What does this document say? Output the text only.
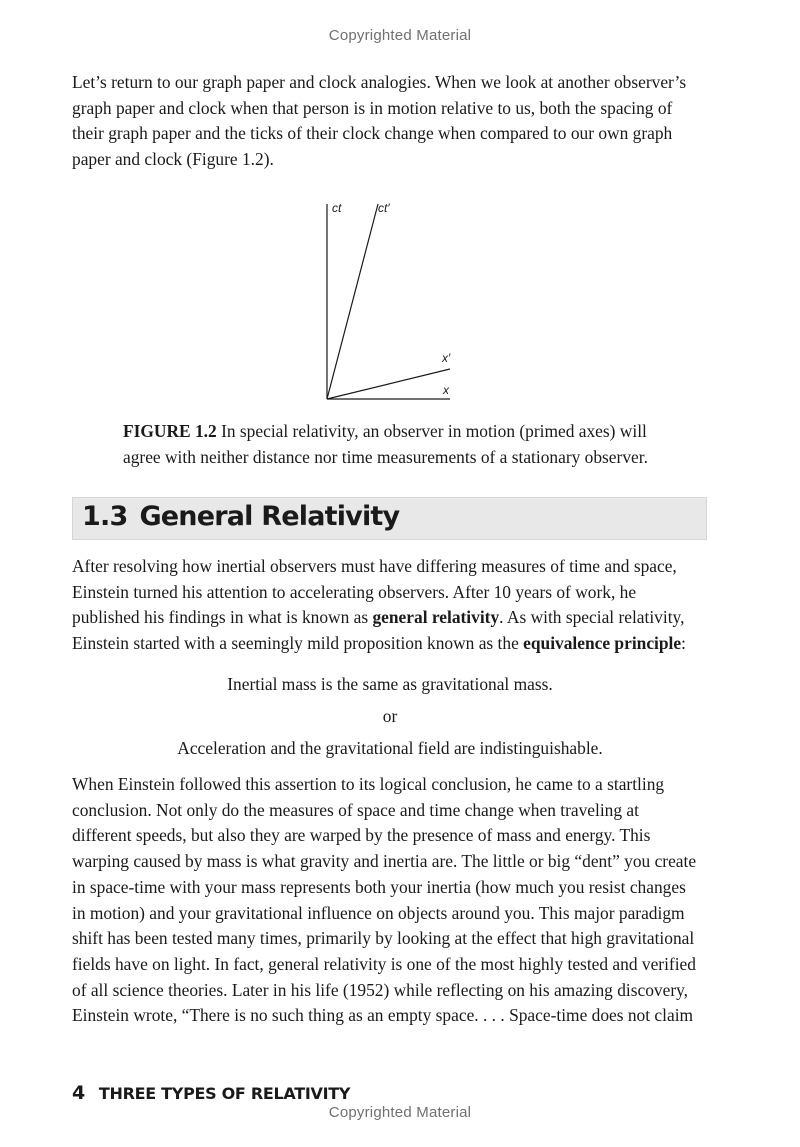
Copyrighted Material

Let’s return to our graph paper and clock analogies. When we look at another observer’s
graph paper and clock when that person is in motion relative to us, both the spacing of
their graph paper and the ticks of their clock change when compared to our own graph
paper and clock (Figure 1.2).

ct	ct′
x′
x
FIGURE 1.2 In special relativity, an observer in motion (primed axes) will
agree with neither distance nor time measurements of a stationary observer.
1.3 General Relativity

After resolving how inertial observers must have differing measures of time and space,
Einstein turned his attention to accelerating observers. After 10 years of work, he
published his findings in what is known as general relativity. As with special relativity,
Einstein started with a seemingly mild proposition known as the equivalence principle:

Inertial mass is the same as gravitational mass.
or
Acceleration and the gravitational field are indistinguishable.

When Einstein followed this assertion to its logical conclusion, he came to a startling
conclusion. Not only do the measures of space and time change when traveling at
different speeds, but also they are warped by the presence of mass and energy. This
warping caused by mass is what gravity and inertia are. The little or big “dent” you create
in space-time with your mass represents both your inertia (how much you resist changes
in motion) and your gravitational influence on objects around you. This major paradigm
shift has been tested many times, primarily by looking at the effect that high gravitational
fields have on light. In fact, general relativity is one of the most highly tested and verified
of all science theories. Later in his life (1952) while reflecting on his amazing discovery,
Einstein wrote, “There is no such thing as an empty space. . . . Space-time does not claim

4 THREE TYPES OF RELATIVITY
Copyrighted Material
